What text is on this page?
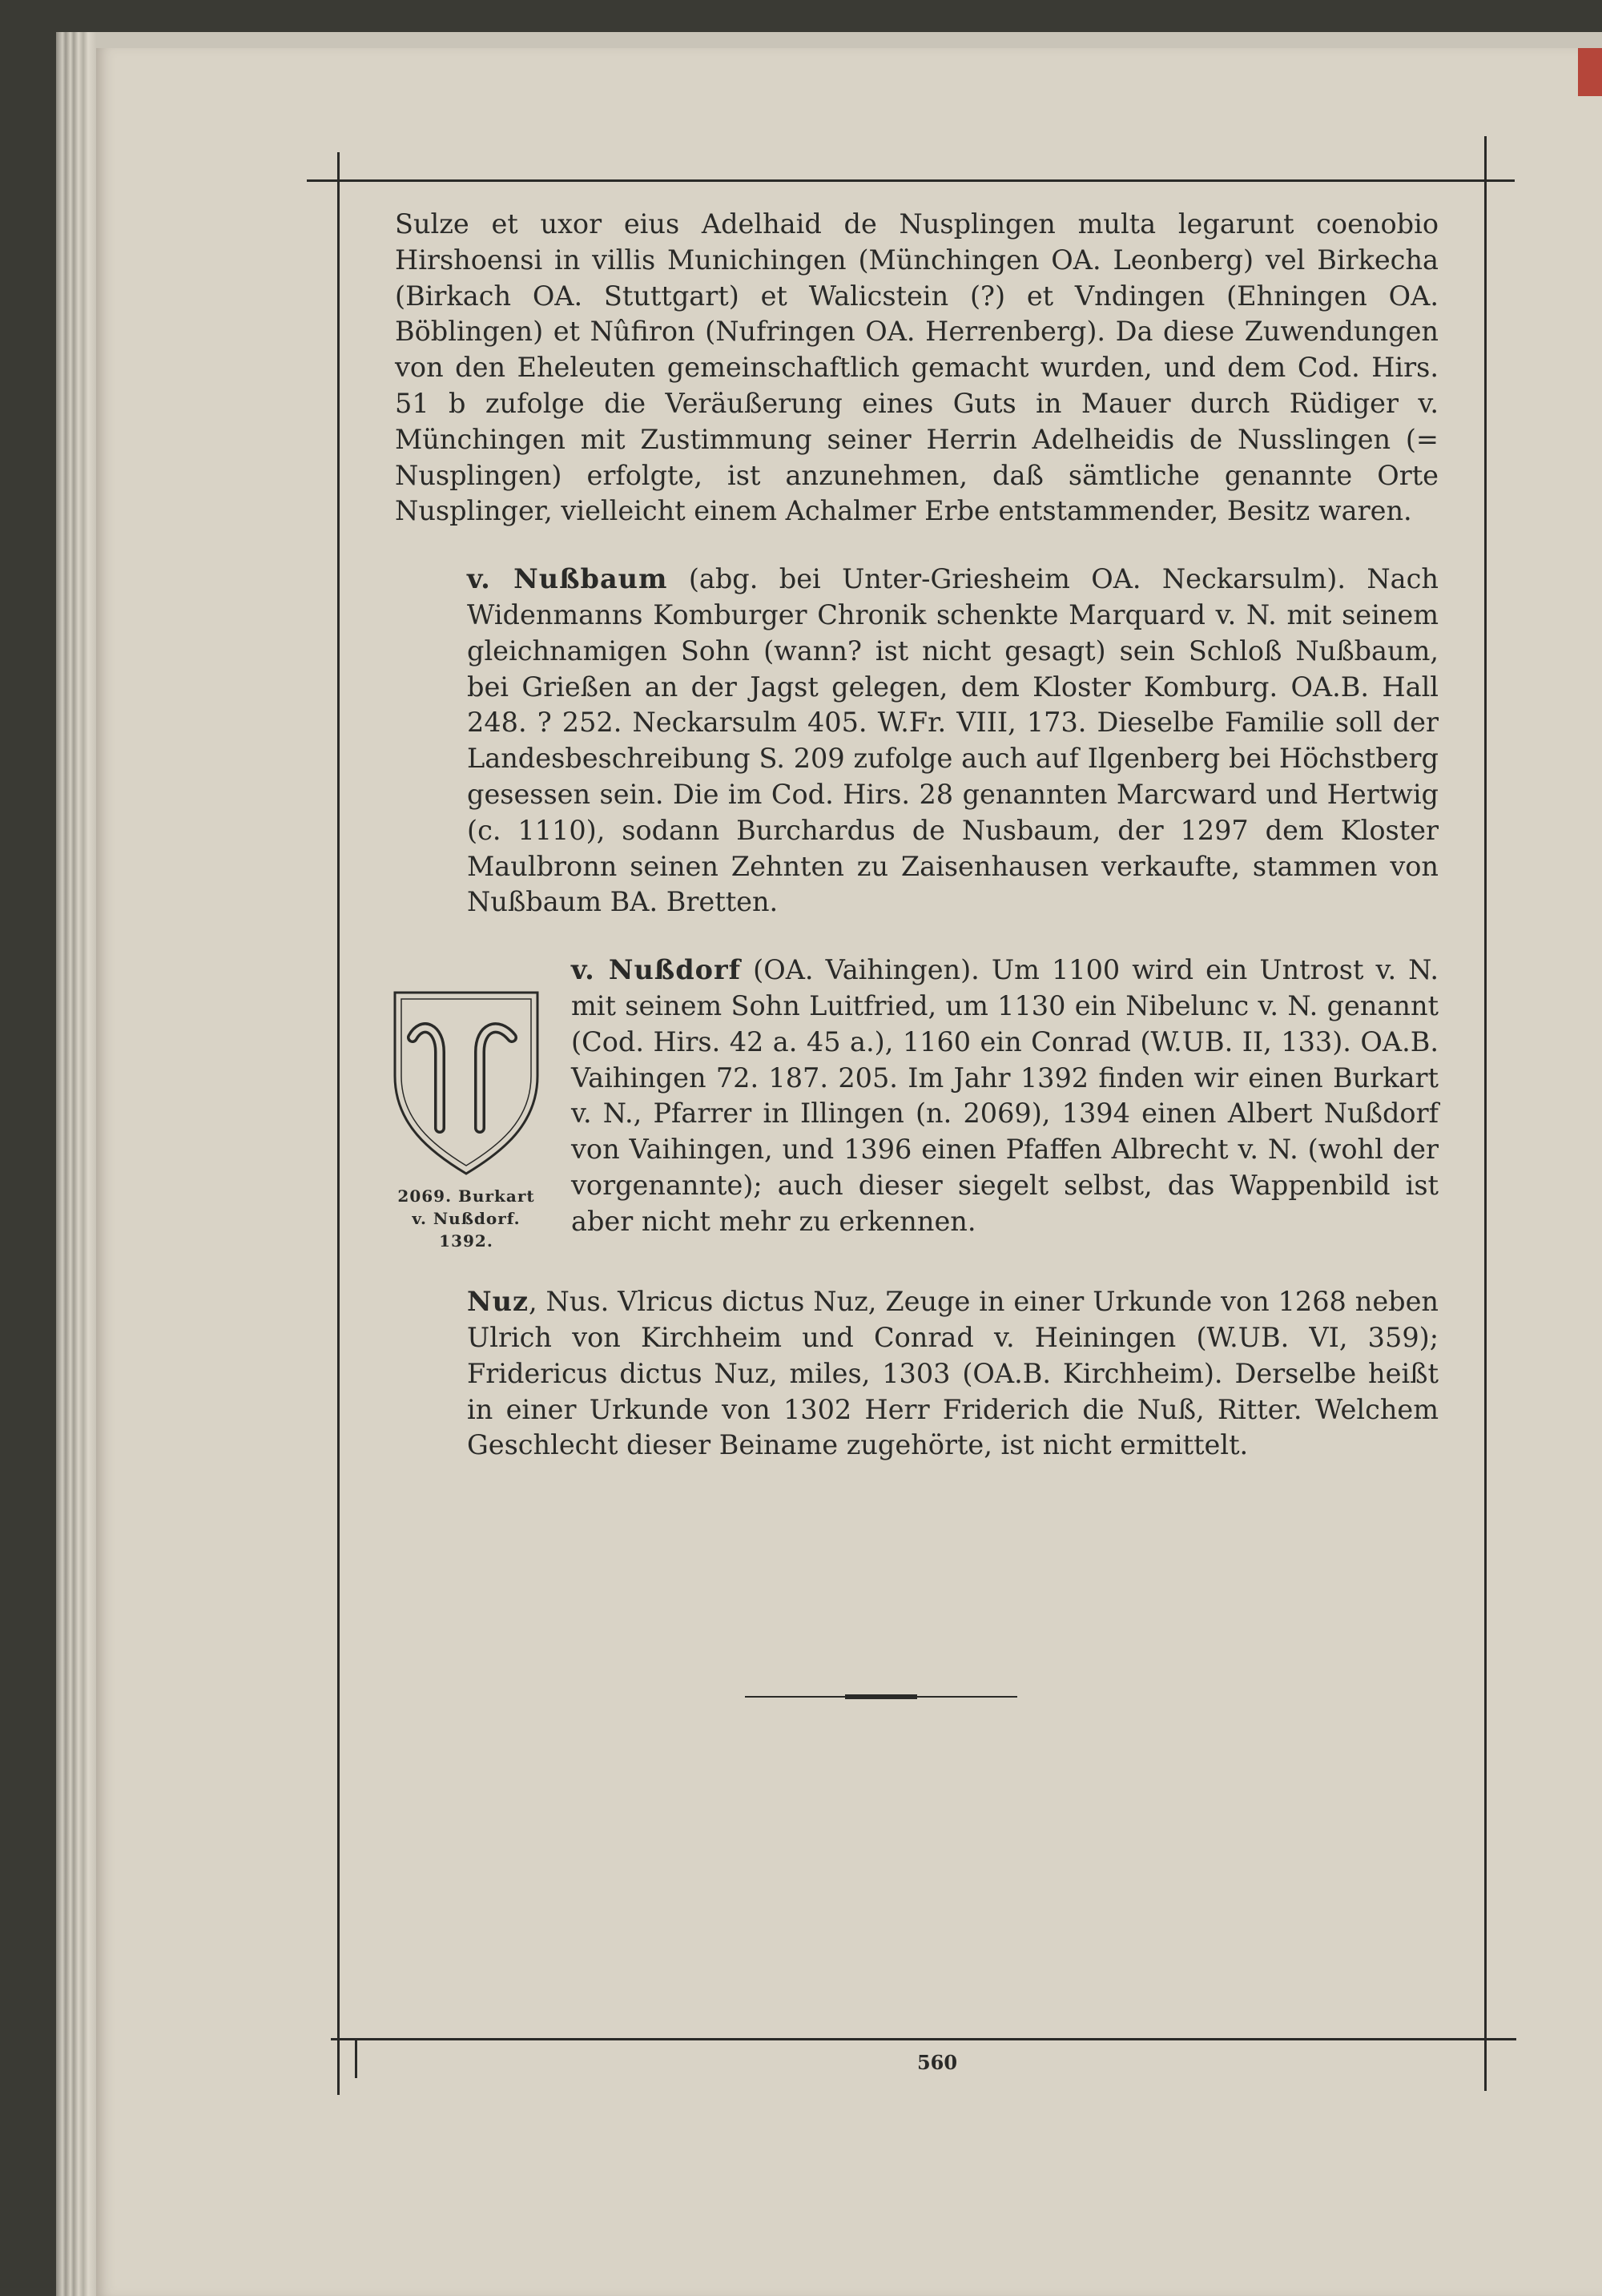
Sulze et uxor eius Adelhaid de Nusplingen multa legarunt coenobio Hirshoensi in villis Munichingen (Münchingen OA. Leonberg) vel Birkecha (Birkach OA. Stuttgart) et Walicstein (?) et Vndingen (Ehningen OA. Böblingen) et Nûfiron (Nufringen OA. Herrenberg). Da diese Zuwendungen von den Eheleuten gemeinschaftlich gemacht wurden, und dem Cod. Hirs. 51 b zufolge die Veräußerung eines Guts in Mauer durch Rüdiger v. Münchingen mit Zustimmung seiner Herrin Adelheidis de Nusslingen (= Nusplingen) erfolgte, ist anzunehmen, daß sämtliche genannte Orte Nusplinger, vielleicht einem Achalmer Erbe entstammender, Besitz waren.

v. Nußbaum (abg. bei Unter-Griesheim OA. Neckarsulm). Nach Widenmanns Komburger Chronik schenkte Marquard v. N. mit seinem gleichnamigen Sohn (wann? ist nicht gesagt) sein Schloß Nußbaum, bei Grießen an der Jagst gelegen, dem Kloster Komburg. OA.B. Hall 248. ? 252. Neckarsulm 405. W.Fr. VIII, 173. Dieselbe Familie soll der Landesbeschreibung S. 209 zufolge auch auf Ilgenberg bei Höchstberg gesessen sein. Die im Cod. Hirs. 28 genannten Marcward und Hertwig (c. 1110), sodann Burchardus de Nusbaum, der 1297 dem Kloster Maulbronn seinen Zehnten zu Zaisenhausen verkaufte, stammen von Nußbaum BA. Bretten.

2069. Burkart
v. Nußdorf. 1392.

v. Nußdorf (OA. Vaihingen). Um 1100 wird ein Untrost v. N. mit seinem Sohn Luitfried, um 1130 ein Nibelunc v. N. genannt (Cod. Hirs. 42 a. 45 a.), 1160 ein Conrad (W.UB. II, 133). OA.B. Vaihingen 72. 187. 205. Im Jahr 1392 finden wir einen Burkart v. N., Pfarrer in Illingen (n. 2069), 1394 einen Albert Nußdorf von Vaihingen, und 1396 einen Pfaffen Albrecht v. N. (wohl der vorgenannte); auch dieser siegelt selbst, das Wappenbild ist aber nicht mehr zu erkennen.

Nuz, Nus. Vlricus dictus Nuz, Zeuge in einer Urkunde von 1268 neben Ulrich von Kirchheim und Conrad v. Heiningen (W.UB. VI, 359); Fridericus dictus Nuz, miles, 1303 (OA.B. Kirchheim). Derselbe heißt in einer Urkunde von 1302 Herr Friderich die Nuß, Ritter. Welchem Geschlecht dieser Beiname zugehörte, ist nicht ermittelt.

560
